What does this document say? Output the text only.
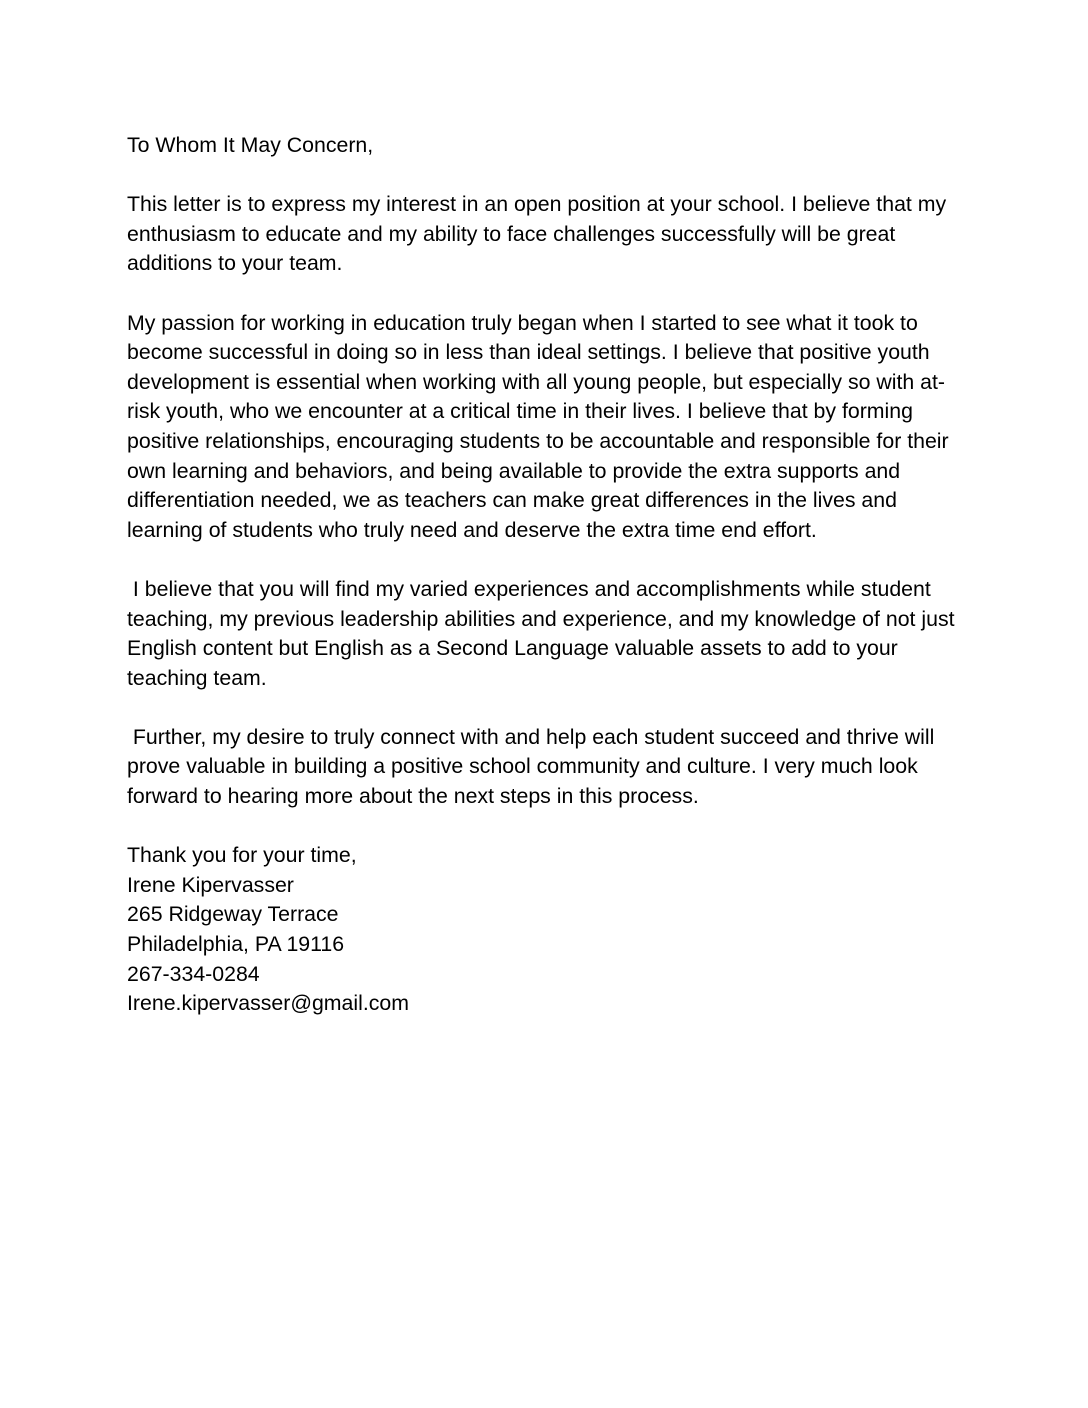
To Whom It May Concern,

This letter is to express my interest in an open position at your school. I believe that my enthusiasm to educate and my ability to face challenges successfully will be great additions to your team.

My passion for working in education truly began when I started to see what it took to become successful in doing so in less than ideal settings. I believe that positive youth development is essential when working with all young people, but especially so with at-risk youth, who we encounter at a critical time in their lives. I believe that by forming positive relationships, encouraging students to be accountable and responsible for their own learning and behaviors, and being available to provide the extra supports and differentiation needed, we as teachers can make great differences in the lives and learning of students who truly need and deserve the extra time end effort.

I believe that you will find my varied experiences and accomplishments while student teaching, my previous leadership abilities and experience, and my knowledge of not just English content but English as a Second Language valuable assets to add to your teaching team.

Further, my desire to truly connect with and help each student succeed and thrive will prove valuable in building a positive school community and culture. I very much look forward to hearing more about the next steps in this process.

Thank you for your time,
Irene Kipervasser
265 Ridgeway Terrace
Philadelphia, PA 19116
267-334-0284
Irene.kipervasser@gmail.com
